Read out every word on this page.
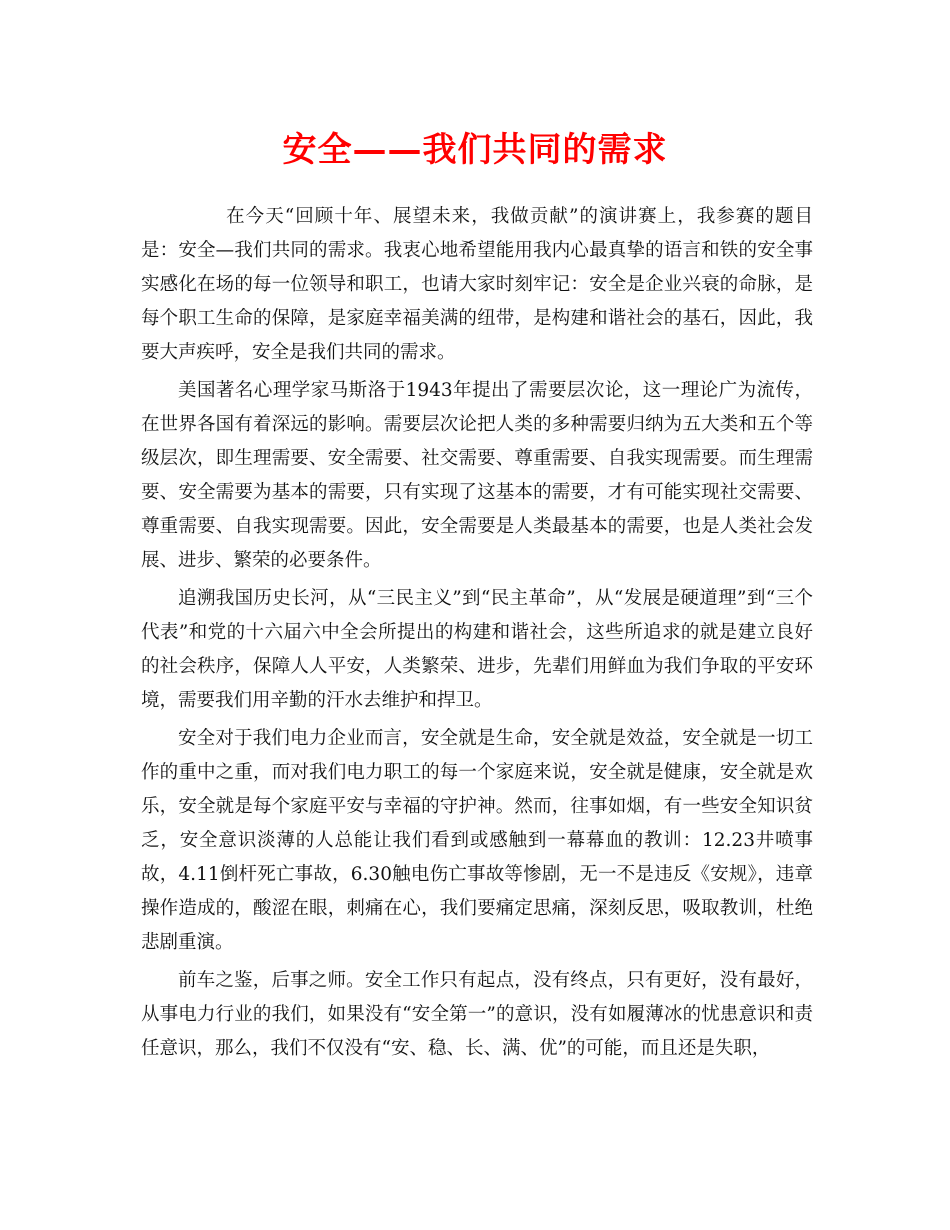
安全——我们共同的需求

在今天“回顾十年、展望未来，我做贡献”的演讲赛上，我参赛的题目是：安全—我们共同的需求。我衷心地希望能用我内心最真挚的语言和铁的安全事实感化在场的每一位领导和职工，也请大家时刻牢记：安全是企业兴衰的命脉，是每个职工生命的保障，是家庭幸福美满的纽带，是构建和谐社会的基石，因此，我要大声疾呼，安全是我们共同的需求。

美国著名心理学家马斯洛于1943年提出了需要层次论，这一理论广为流传，在世界各国有着深远的影响。需要层次论把人类的多种需要归纳为五大类和五个等级层次，即生理需要、安全需要、社交需要、尊重需要、自我实现需要。而生理需要、安全需要为基本的需要，只有实现了这基本的需要，才有可能实现社交需要、尊重需要、自我实现需要。因此，安全需要是人类最基本的需要，也是人类社会发展、进步、繁荣的必要条件。

追溯我国历史长河，从“三民主义”到“民主革命”，从“发展是硬道理”到“三个代表”和党的十六届六中全会所提出的构建和谐社会，这些所追求的就是建立良好的社会秩序，保障人人平安，人类繁荣、进步，先辈们用鲜血为我们争取的平安环境，需要我们用辛勤的汗水去维护和捍卫。

安全对于我们电力企业而言，安全就是生命，安全就是效益，安全就是一切工作的重中之重，而对我们电力职工的每一个家庭来说，安全就是健康，安全就是欢乐，安全就是每个家庭平安与幸福的守护神。然而，往事如烟，有一些安全知识贫乏，安全意识淡薄的人总能让我们看到或感触到一幕幕血的教训：12.23井喷事故，4.11倒杆死亡事故，6.30触电伤亡事故等惨剧，无一不是违反《安规》，违章操作造成的，酸涩在眼，刺痛在心，我们要痛定思痛，深刻反思，吸取教训，杜绝悲剧重演。

前车之鉴，后事之师。安全工作只有起点，没有终点，只有更好，没有最好，从事电力行业的我们，如果没有“安全第一”的意识，没有如履薄冰的忧患意识和责任意识，那么，我们不仅没有“安、稳、长、满、优”的可能，而且还是失职，
